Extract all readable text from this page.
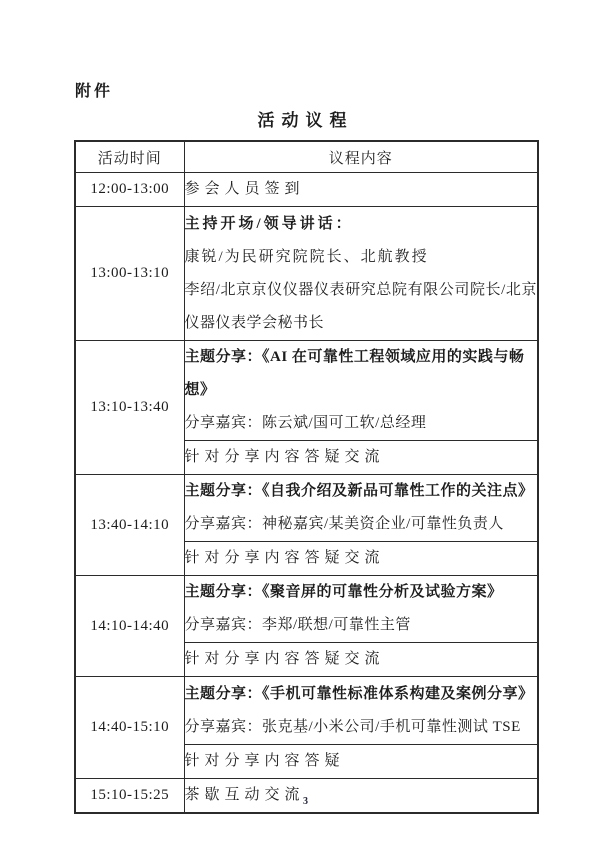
附件
活动议程
活动时间	议程内容
12:00-13:00	参会人员签到

13:00-13:10	主持开场/领导讲话：

康锐/为民研究院院长、北航教授

李绍/北京京仪仪器仪表研究总院有限公司院长/北京仪器仪表学会秘书长

13:10-13:40	主题分享：《AI 在可靠性工程领域应用的实践与畅想》

分享嘉宾：陈云斌/国可工软/总经理

	针对分享内容答疑交流

13:40-14:10	主题分享：《自我介绍及新品可靠性工作的关注点》

分享嘉宾：神秘嘉宾/某美资企业/可靠性负责人

	针对分享内容答疑交流

14:10-14:40	主题分享：《聚音屏的可靠性分析及试验方案》

分享嘉宾：李郑/联想/可靠性主管

	针对分享内容答疑交流

14:40-15:10	主题分享：《手机可靠性标准体系构建及案例分享》

分享嘉宾：张克基/小米公司/手机可靠性测试 TSE

	针对分享内容答疑

15:10-15:25	茶歇互动交流

3
